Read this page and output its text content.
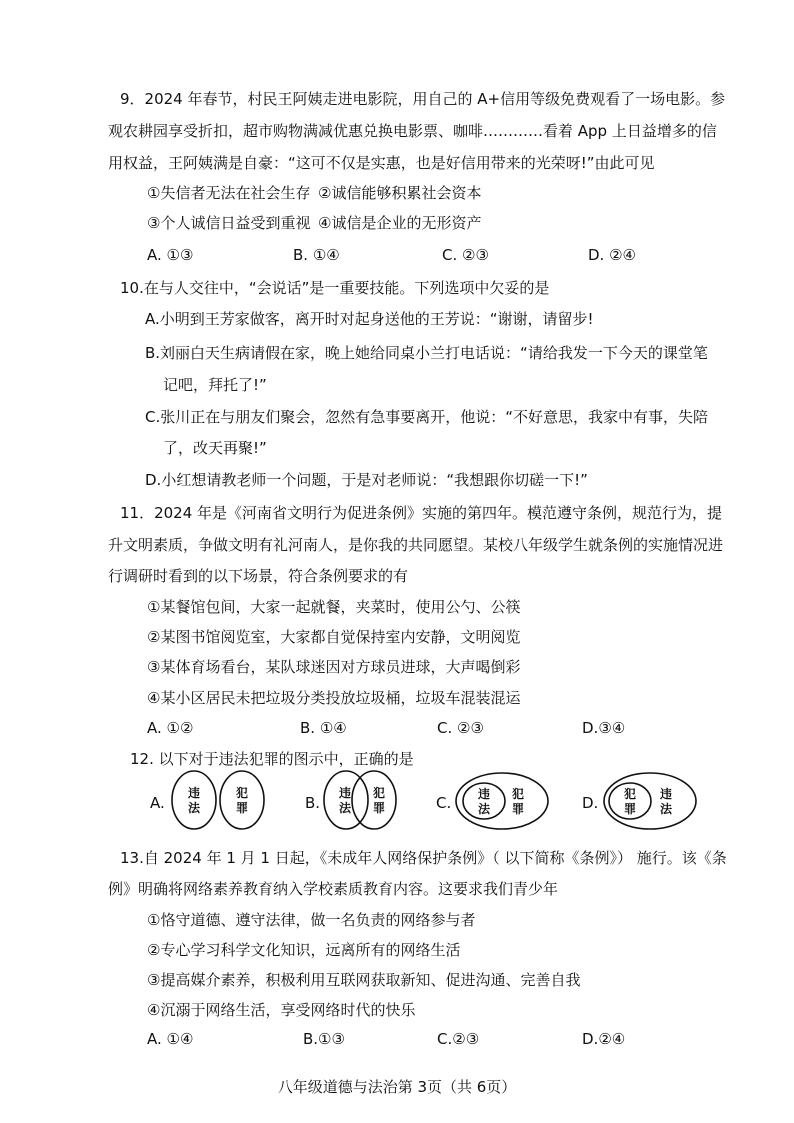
9．2024 年春节，村民王阿姨走进电影院，用自己的 A+信用等级免费观看了一场电影。参
观农耕园享受折扣，超市购物满减优惠兑换电影票、咖啡…………看着 App 上日益增多的信
用权益，王阿姨满是自豪：“这可不仅是实惠，也是好信用带来的光荣呀!”由此可见
①失信者无法在社会生存 ②诚信能够积累社会资本
③个人诚信日益受到重视 ④诚信是企业的无形资产
A. ①③	B. ①④	C. ②③	D. ②④
10.在与人交往中，“会说话”是一重要技能。下列选项中欠妥的是
A.小明到王芳家做客，离开时对起身送他的王芳说：“谢谢，请留步!
B.刘丽白天生病请假在家，晚上她给同桌小兰打电话说：“请给我发一下今天的课堂笔
记吧，拜托了!”
C.张川正在与朋友们聚会，忽然有急事要离开，他说：“不好意思，我家中有事，失陪
了，改天再聚!”
D.小红想请教老师一个问题，于是对老师说：“我想跟你切磋一下!”
11．2024 年是《河南省文明行为促进条例》实施的第四年。模范遵守条例，规范行为，提
升文明素质，争做文明有礼河南人，是你我的共同愿望。某校八年级学生就条例的实施情况进
行调研时看到的以下场景，符合条例要求的有
①某餐馆包间，大家一起就餐，夹菜时，使用公勺、公筷
②某图书馆阅览室，大家都自觉保持室内安静，文明阅览
③某体育场看台，某队球迷因对方球员进球，大声喝倒彩
④某小区居民未把垃圾分类投放垃圾桶，垃圾车混装混运
A. ①②	B. ①④	C. ②③	D.③④
12. 以下对于违法犯罪的图示中，正确的是
A.
违
法
犯
罪	B.
违
法
犯
罪	C. 违
法
犯
罪	D. 犯
罪
违
法
13.自 2024 年 1 月 1 日起，《未成年人网络保护条例》（ 以下简称《条例》） 施行。该《条
例》明确将网络素养教育纳入学校素质教育内容。这要求我们青少年
①恪守道德、遵守法律，做一名负责的网络参与者
②专心学习科学文化知识，远离所有的网络生活
③提高媒介素养，积极利用互联网获取新知、促进沟通、完善自我
④沉溺于网络生活，享受网络时代的快乐
A. ①④	B.①③	C.②③	D.②④
八年级道德与法治第 3页（共 6页）
